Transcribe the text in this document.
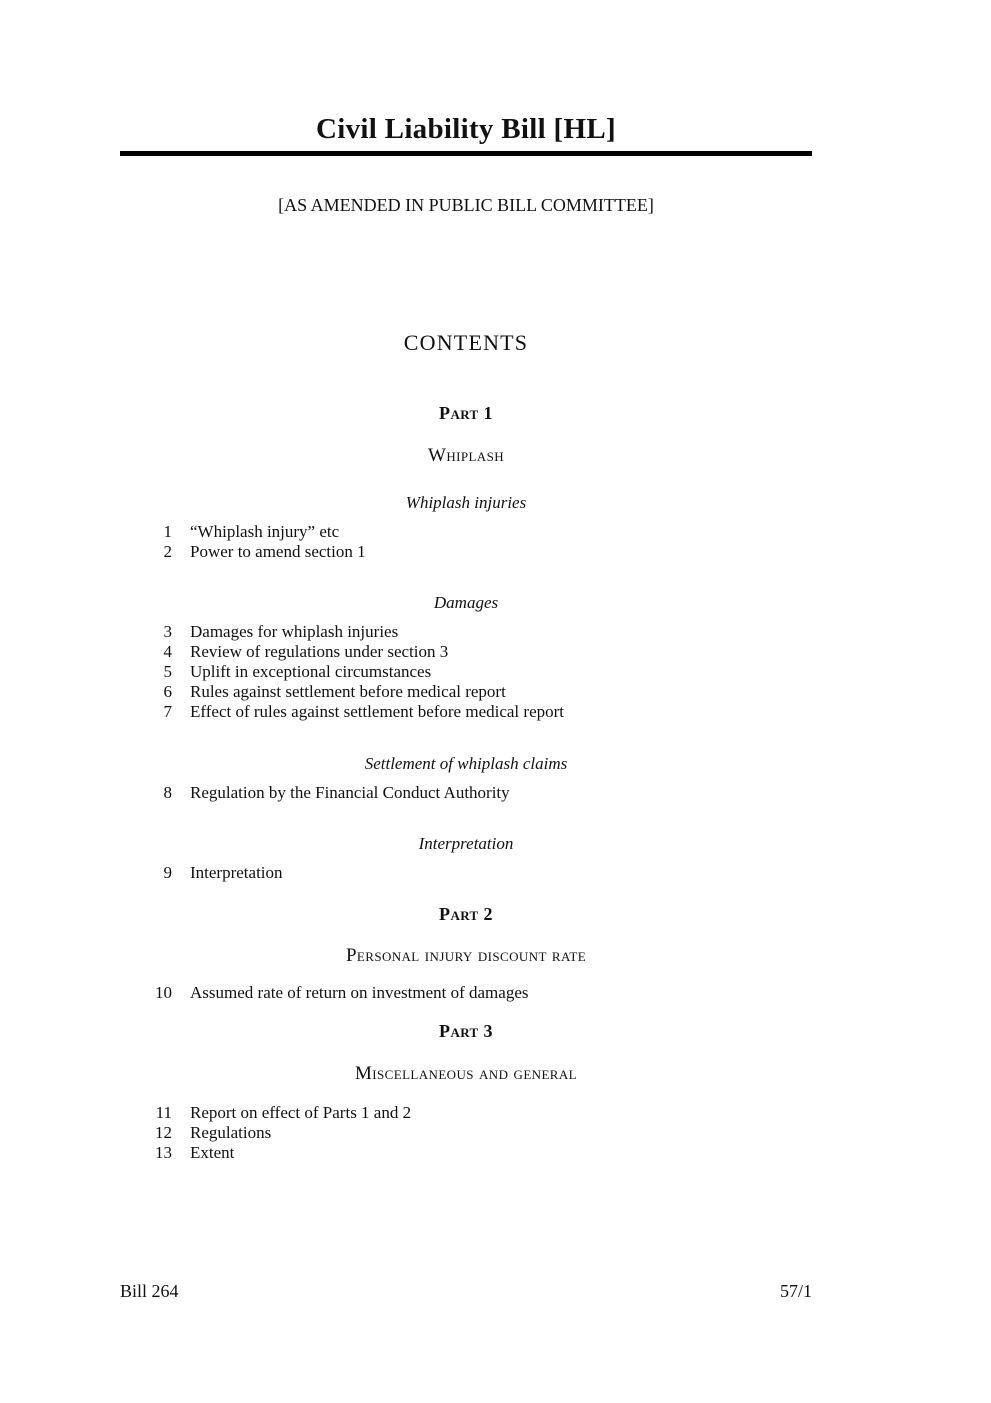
Civil Liability Bill [HL]
[AS AMENDED IN PUBLIC BILL COMMITTEE]
CONTENTS
Part 1
Whiplash
Whiplash injuries
1 “Whiplash injury” etc
2 Power to amend section 1
Damages
3 Damages for whiplash injuries
4 Review of regulations under section 3
5 Uplift in exceptional circumstances
6 Rules against settlement before medical report
7 Effect of rules against settlement before medical report
Settlement of whiplash claims
8 Regulation by the Financial Conduct Authority
Interpretation
9 Interpretation
Part 2
Personal injury discount rate
10 Assumed rate of return on investment of damages
Part 3
Miscellaneous and general
11 Report on effect of Parts 1 and 2
12 Regulations
13 Extent
Bill 264	57/1
